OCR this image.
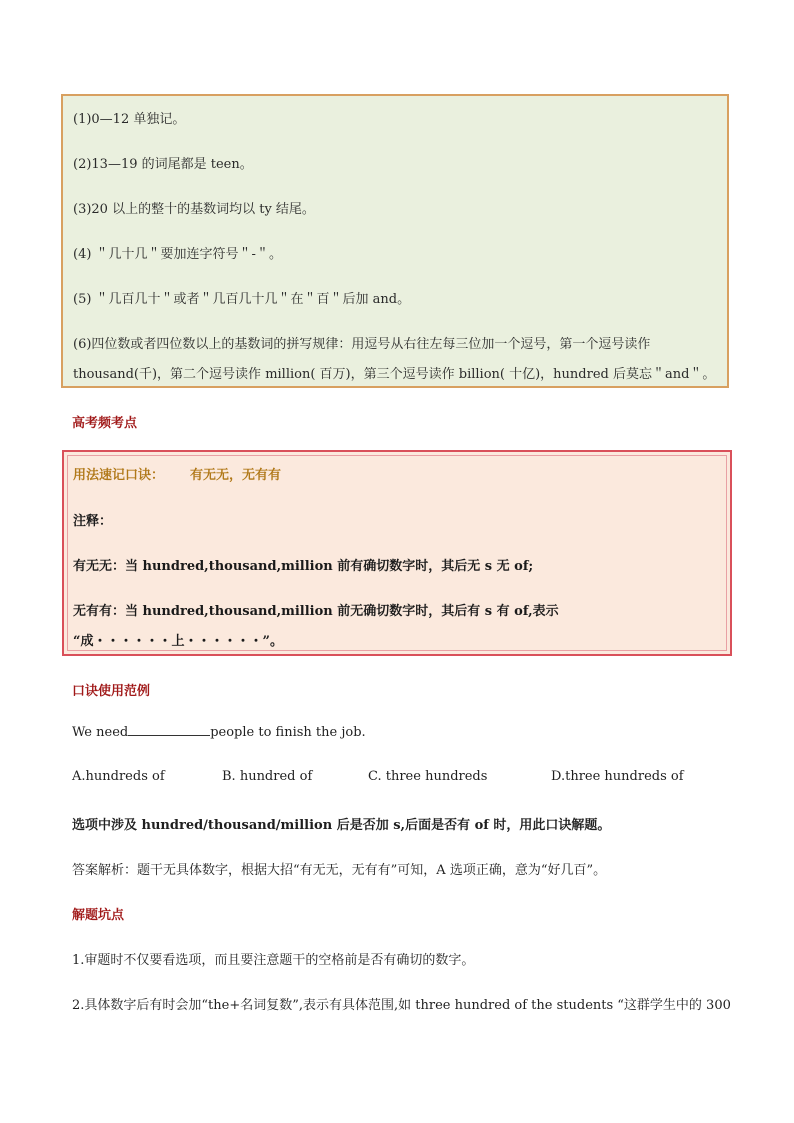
(1)0—12 单独记。
(2)13—19 的词尾都是 teen。
(3)20 以上的整十的基数词均以 ty 结尾。
(4) ＂几十几＂要加连字符号＂-＂。
(5) ＂几百几十＂或者＂几百几十几＂在＂百＂后加 and。
(6)四位数或者四位数以上的基数词的拼写规律：用逗号从右往左每三位加一个逗号，第一个逗号读作
thousand(千)，第二个逗号读作 million( 百万)，第三个逗号读作 billion( 十亿)，hundred 后莫忘＂and＂。
高考频考点
用法速记口诀： 有无无，无有有
注释：
有无无：当 hundred,thousand,million 前有确切数字时，其后无 s 无 of;
无有有：当 hundred,thousand,million 前无确切数字时，其后有 s 有 of,表示
“成・・・・・・上・・・・・・”。
口诀使用范例
We need	people to finish the job.
A.hundreds of	B. hundred of	C. three hundreds	D.three hundreds of
选项中涉及 hundred/thousand/million 后是否加 s,后面是否有 of 时，用此口诀解题。
答案解析：题干无具体数字，根据大招“有无无，无有有”可知，A 选项正确，意为“好几百”。
解题坑点
1.审题时不仅要看选项，而且要注意题干的空格前是否有确切的数字。
2.具体数字后有时会加“the+名词复数”,表示有具体范围,如 three hundred of the students “这群学生中的 300
